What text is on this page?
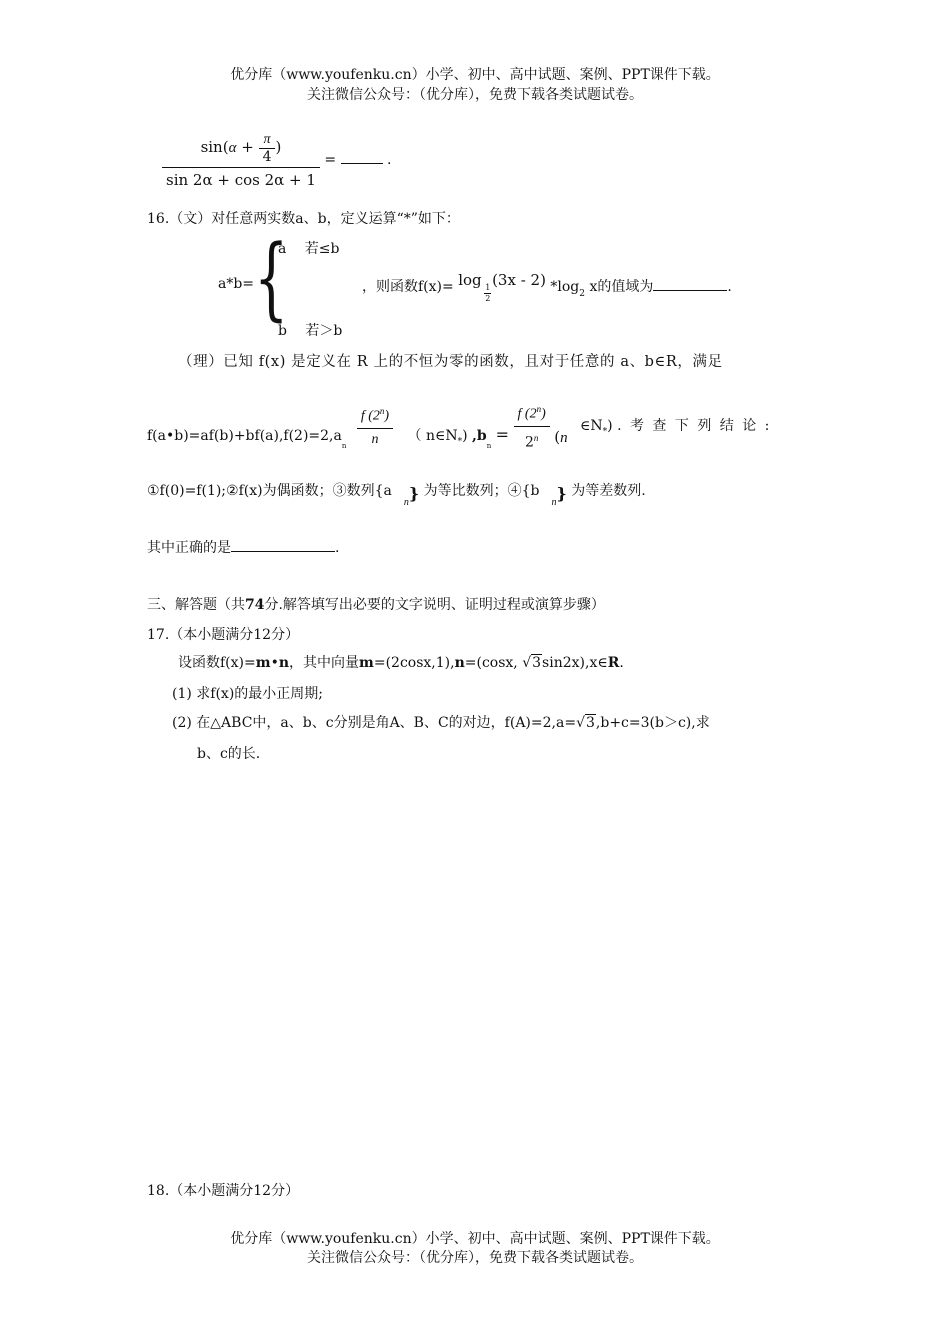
优分库（www.youfenku.cn）小学、初中、高中试题、案例、PPT课件下载。
关注微信公众号：（优分库），免费下载各类试题试卷。
$\frac{\sin(\alpha + \frac{\pi}{4} )}{\sin 2\alpha + \cos 2\alpha + 1}$ =	.
16.（文）对任意两实数a、b，定义运算“*”如下：
a*b= {
a　 若≤b
b　 若＞b
，则函数f(x)= log
$\frac{1}{2}$
(3x - 2) $*\log_2$ x的值域为	.
（理）已知 f(x) 是定义在 R 上的不恒为零的函数，且对于任意的 a、b∈R，满足
$f(a•b)=af(b)+bf(a),f(2)=2,a_n \frac{f (2^n)}{n}$ （ $n\in N_*$) $,b_n = \frac{f (2^n)}{2^n} (n$ $\in N_*$) . 考 查 下 列 结 论 :
①f(0)=f(1);②f(x)为偶函数；③数列$\{a_n\}$ 为等比数列；$④\{b_n\}$ 为等差数列.
其中正确的是	.
三、解答题（共74分.解答填写出必要的文字说明、证明过程或演算步骤）
17.（本小题满分12分）
设函数f(x)=m•n，其中向量m=(2cosx,1),n=(cosx, √3sin2x),x∈R.
(1) 求f(x)的最小正周期;
(2) 在△ABC中，a、b、c分别是角A、B、C的对边，f(A)=2,a=√3,b+c=3(b＞c),求
b、c的长.
18.（本小题满分12分）
优分库（www.youfenku.cn）小学、初中、高中试题、案例、PPT课件下载。
关注微信公众号：（优分库），免费下载各类试题试卷。
